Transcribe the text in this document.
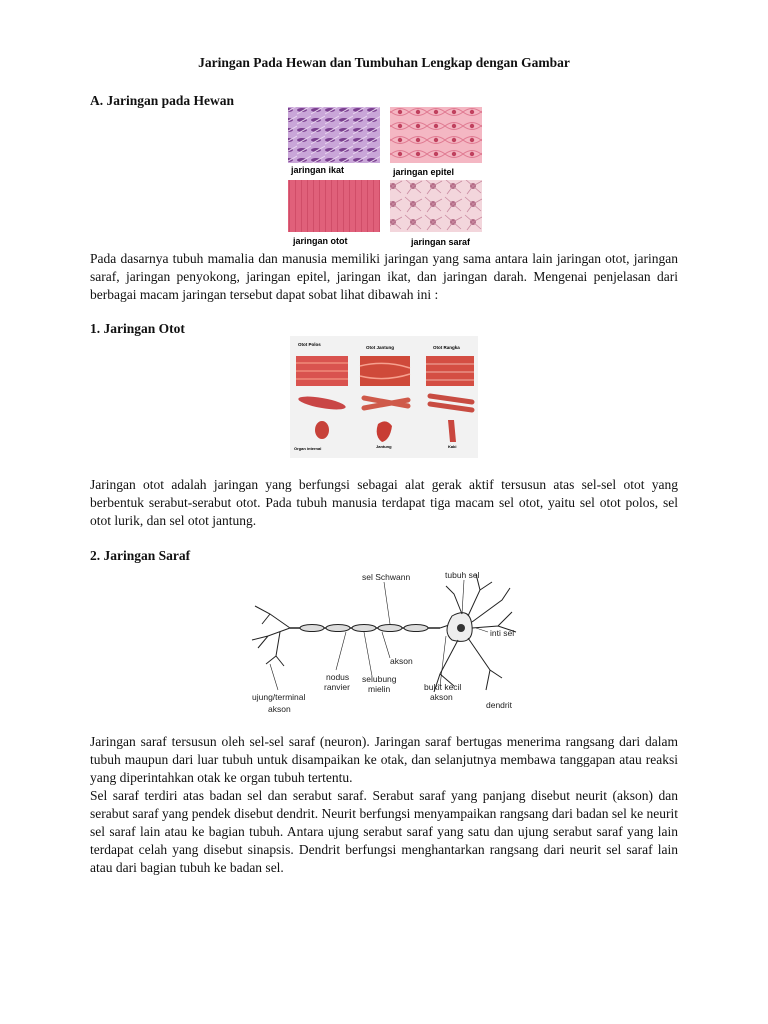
Jaringan Pada Hewan dan Tumbuhan Lengkap dengan Gambar
A. Jaringan pada Hewan
jaringan ikat	jaringan epitel
jaringan otot	jaringan saraf

Pada dasarnya tubuh mamalia dan manusia memiliki jaringan yang sama antara lain jaringan otot, jaringan saraf, jaringan penyokong, jaringan epitel, jaringan ikat, dan jaringan darah. Mengenai penjelasan dari berbagai macam jaringan tersebut dapat sobat lihat dibawah ini :

1. Jaringan Otot
Otot Polos
Otot Jantung	Otot Rangka
Organ internal	Jantung	Kaki

Jaringan otot adalah jaringan yang berfungsi sebagai alat gerak aktif tersusun atas sel-sel otot yang berbentuk serabut-serabut otot. Pada tubuh manusia terdapat tiga macam sel otot, yaitu sel otot polos, sel otot lurik, dan sel otot jantung.

2. Jaringan Saraf
sel Schwann	tubuh sel
inti sel
akson
nodus
ranvier
selubung
mielin	bukit kecil
akson
ujung/terminal
akson	dendrit

Jaringan saraf tersusun oleh sel-sel saraf (neuron). Jaringan saraf bertugas menerima rangsang dari dalam tubuh maupun dari luar tubuh untuk disampaikan ke otak, dan selanjutnya membawa tanggapan atau reaksi yang diperintahkan otak ke organ tubuh tertentu.

Sel saraf terdiri atas badan sel dan serabut saraf. Serabut saraf yang panjang disebut neurit (akson) dan serabut saraf yang pendek disebut dendrit. Neurit berfungsi menyampaikan rangsang dari badan sel ke neurit sel saraf lain atau ke bagian tubuh. Antara ujung serabut saraf yang satu dan ujung serabut saraf yang lain terdapat celah yang disebut sinapsis. Dendrit berfungsi menghantarkan rangsang dari neurit sel saraf lain atau dari bagian tubuh ke badan sel.
